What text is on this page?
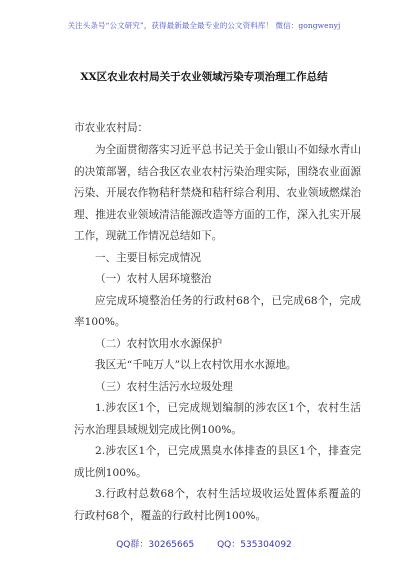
关注头条号“公文研究”，获得最新最全最专业的公文资料库！ 微信：gongwenyj
XX区农业农村局关于农业领域污染专项治理工作总结

市农业农村局：

为全面贯彻落实习近平总书记关于金山银山不如绿水青山的决策部署，结合我区农业农村污染治理实际，围绕农业面源污染、开展农作物秸秆禁烧和秸秆综合利用、农业领域燃煤治理、推进农业领域清洁能源改造等方面的工作，深入扎实开展工作，现就工作情况总结如下。

一、主要目标完成情况

（一）农村人居环境整治

应完成环境整治任务的行政村68个，已完成68个，完成率100%。

（二）农村饮用水水源保护

我区无“千吨万人”以上农村饮用水水源地。

（三）农村生活污水垃圾处理

1.涉农区1个，已完成规划编制的涉农区1个，农村生活污水治理县域规划完成比例100%。

2.涉农区1个，已完成黑臭水体排查的县区1个，排查完成比例100%。

3.行政村总数68个，农村生活垃圾收运处置体系覆盖的行政村68个，覆盖的行政村比例100%。

QQ群：30265665	QQ：535304092
